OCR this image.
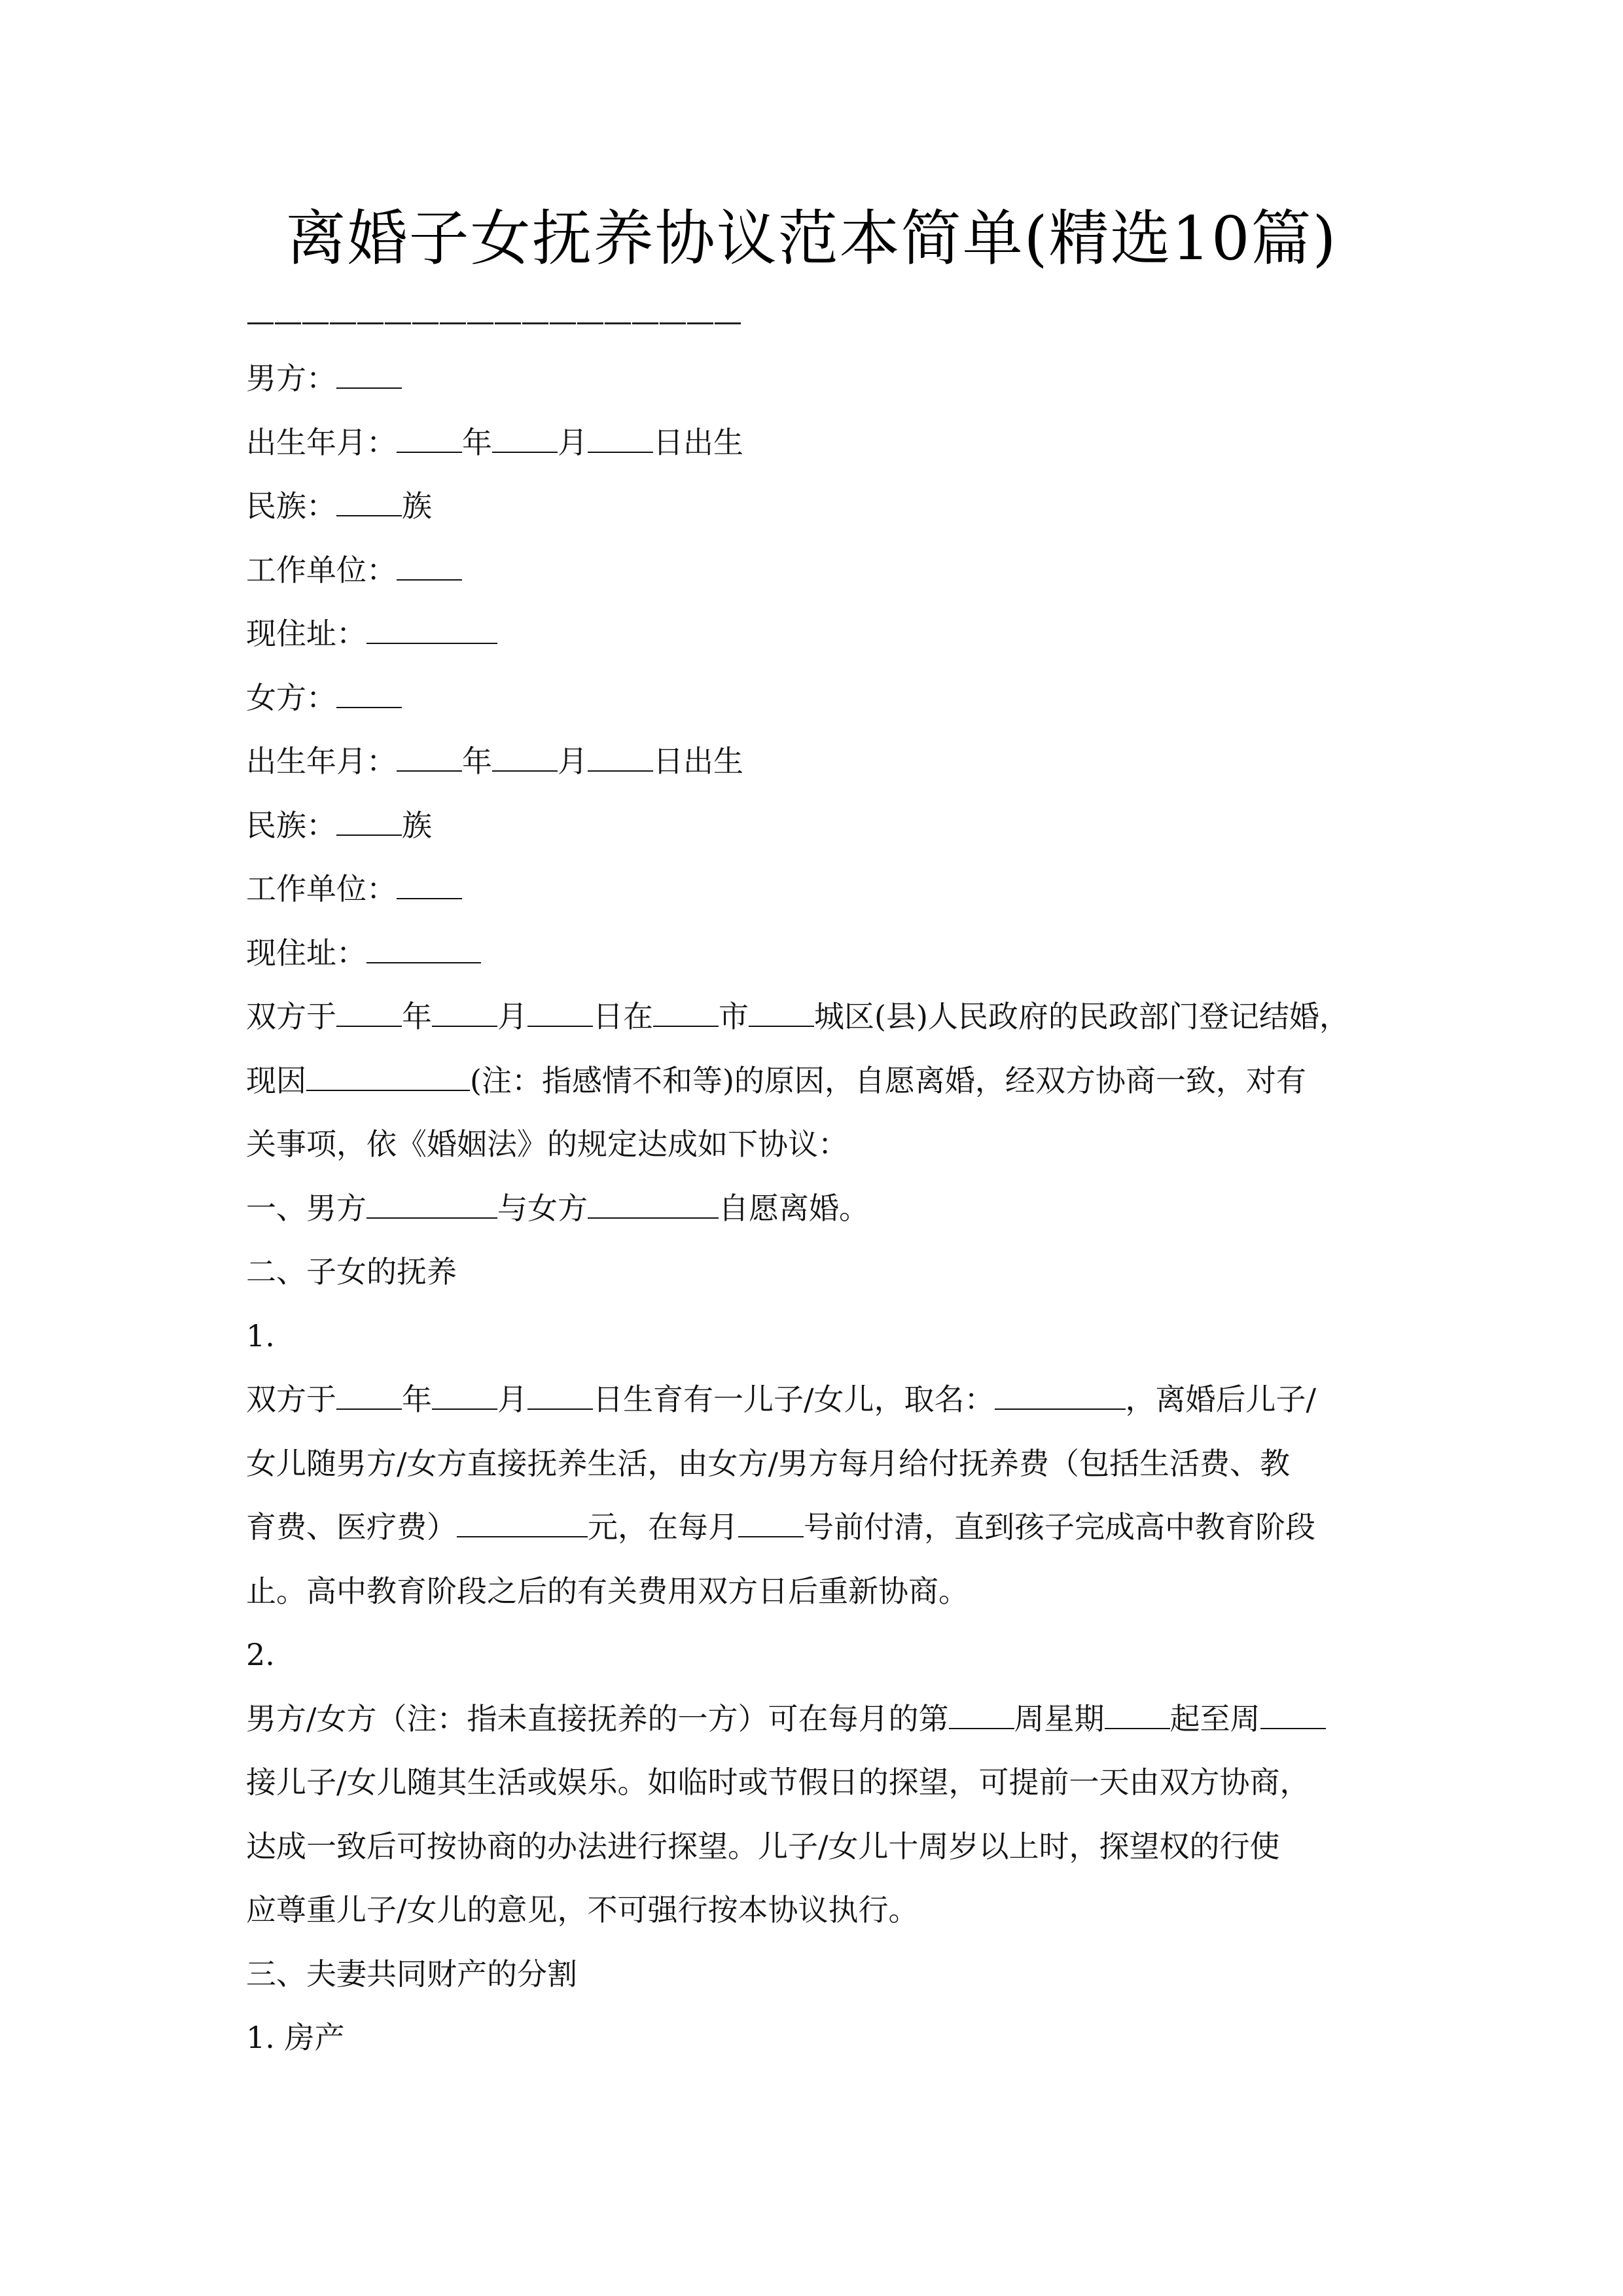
离婚子女抚养协议范本简单(精选10篇)
——————————————————
男方：
出生年月： 年 月 日出生
民族： 族
工作单位：
现住址：
女方：
出生年月： 年 月 日出生
民族： 族
工作单位：
现住址：
双方于 年 月 日在 市 城区(县)人民政府的民政部门登记结婚，
现因	(注：指感情不和等)的原因，自愿离婚，经双方协商一致，对有
关事项，依《婚姻法》的规定达成如下协议：
一、男方	与女方	自愿离婚。
二、子女的抚养
1.
双方于 年 月 日生育有一儿子/女儿，取名：	，离婚后儿子/
女儿随男方/女方直接抚养生活，由女方/男方每月给付抚养费（包括生活费、教
育费、医疗费）	元，在每月 号前付清，直到孩子完成高中教育阶段
止。高中教育阶段之后的有关费用双方日后重新协商。
2.
男方/女方（注：指未直接抚养的一方）可在每月的第 周星期 起至周
接儿子/女儿随其生活或娱乐。如临时或节假日的探望，可提前一天由双方协商，
达成一致后可按协商的办法进行探望。儿子/女儿十周岁以上时，探望权的行使
应尊重儿子/女儿的意见，不可强行按本协议执行。
三、夫妻共同财产的分割
1. 房产
